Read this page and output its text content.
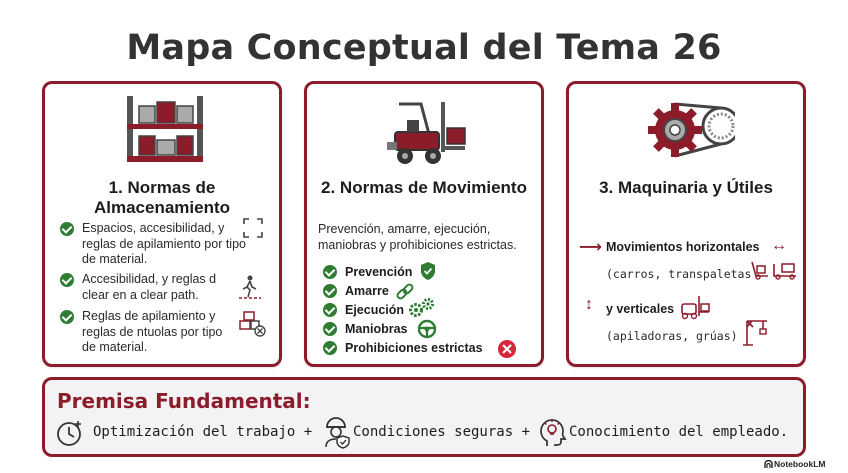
Mapa Conceptual del Tema 26
1. Normas de
Almacenamiento
Espacios, accesibilidad, y
reglas de apilamiento por tipo
de material.
Accesibilidad, y reglas d
clear en a clear path.
Reglas de apilamiento y
reglas de ntuolas por tipo
de material.
2. Normas de Movimiento
Prevención, amarre, ejecución,
maniobras y prohibiciones estrictas.
Prevención
Amarre
Ejecución
Maniobras
Prohibiciones estrictas
3. Maquinaria y Útiles
⟶ Movimientos horizontales ↔
(carros, transpaletas
↕ y verticales
(apiladoras, grúas)
Premisa Fundamental:
Optimización del trabajo +	Condiciones seguras +	Conocimiento del empleado.
NotebookLM
